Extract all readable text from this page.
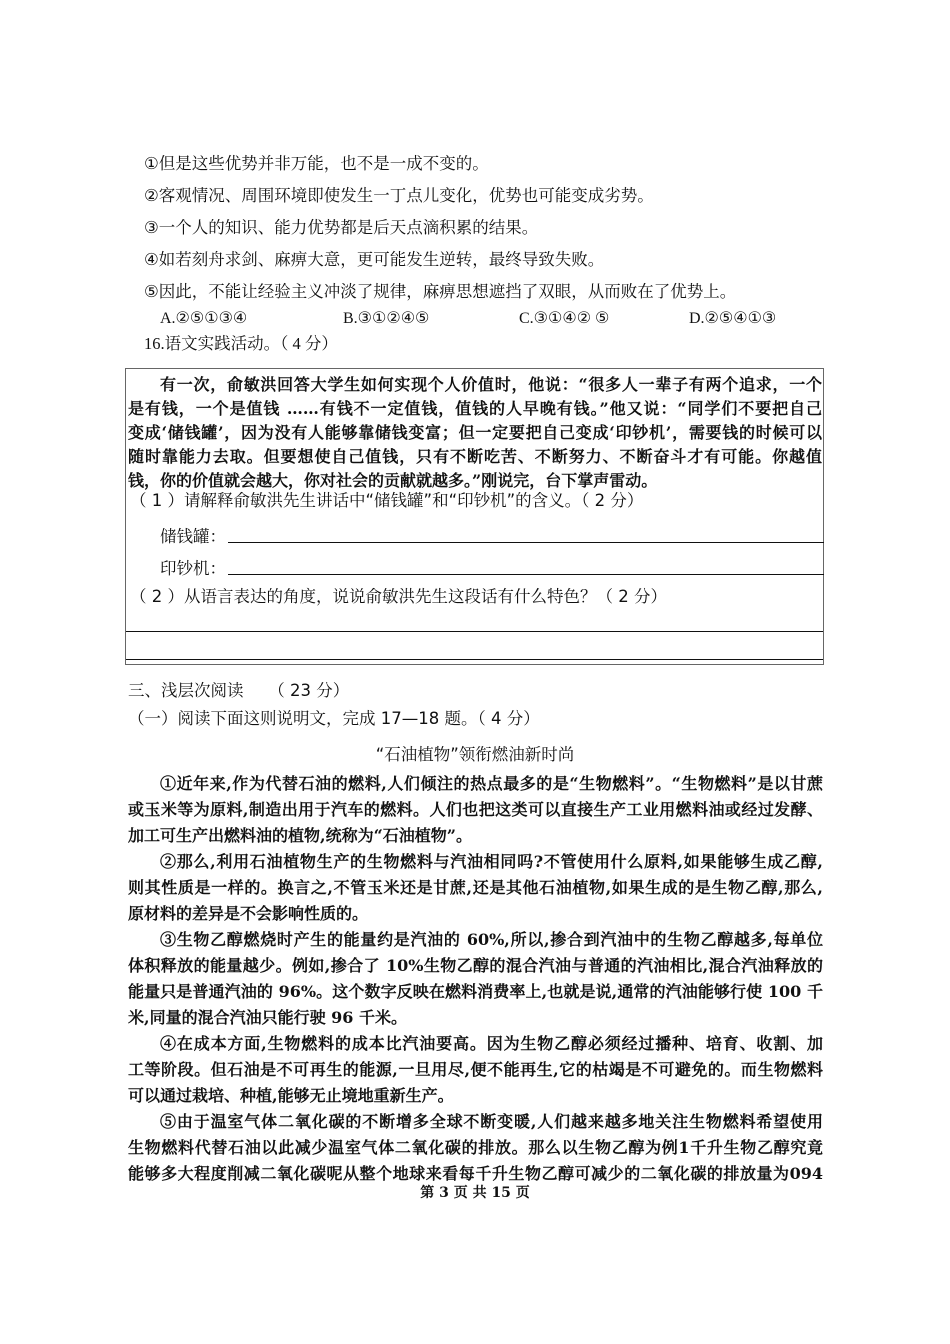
①但是这些优势并非万能，也不是一成不变的。
②客观情况、周围环境即使发生一丁点儿变化，优势也可能变成劣势。
③一个人的知识、能力优势都是后天点滴积累的结果。
④如若刻舟求剑、麻痹大意，更可能发生逆转，最终导致失败。
⑤因此，不能让经验主义冲淡了规律，麻痹思想遮挡了双眼，从而败在了优势上。
A.②⑤①③④	B.③①②④⑤	C.③①④② ⑤	D.②⑤④①③
16.语文实践活动。（ 4 分）
有一次，俞敏洪回答大学生如何实现个人价值时，他说：“很多人一辈子有两个追求，一个
是有钱，一个是值钱 ……有钱不一定值钱，值钱的人早晚有钱。”他又说：“同学们不要把自己
变成‘储钱罐’，因为没有人能够靠储钱变富；但一定要把自己变成‘印钞机’，需要钱的时候可以
随时靠能力去取。但要想使自己值钱，只有不断吃苦、不断努力、不断奋斗才有可能。你越值
钱，你的价值就会越大，你对社会的贡献就越多。”刚说完，台下掌声雷动。
（ 1 ）请解释俞敏洪先生讲话中“储钱罐”和“印钞机”的含义。（ 2 分）
储钱罐：
印钞机：
（ 2 ）从语言表达的角度，说说俞敏洪先生这段话有什么特色？（ 2 分）
三、浅层次阅读　　（ 23 分）
（一）阅读下面这则说明文，完成 17—18 题。（ 4 分）
“石油植物”领衔燃油新时尚
①近年来,作为代替石油的燃料,人们倾注的热点最多的是“生物燃料”。“生物燃料”是以甘蔗
或玉米等为原料,制造出用于汽车的燃料。人们也把这类可以直接生产工业用燃料油或经过发酵、
加工可生产出燃料油的植物,统称为“石油植物”。
②那么,利用石油植物生产的生物燃料与汽油相同吗?不管使用什么原料,如果能够生成乙醇,
则其性质是一样的。换言之,不管玉米还是甘蔗,还是其他石油植物,如果生成的是生物乙醇,那么,
原材料的差异是不会影响性质的。
③生物乙醇燃烧时产生的能量约是汽油的 60%,所以,掺合到汽油中的生物乙醇越多,每单位
体积释放的能量越少。例如,掺合了 10%生物乙醇的混合汽油与普通的汽油相比,混合汽油释放的
能量只是普通汽油的 96%。这个数字反映在燃料消费率上,也就是说,通常的汽油能够行使 100 千
米,同量的混合汽油只能行驶 96 千米。
④在成本方面,生物燃料的成本比汽油要高。因为生物乙醇必须经过播种、培育、收割、加
工等阶段。但石油是不可再生的能源,一旦用尽,便不能再生,它的枯竭是不可避免的。而生物燃料
可以通过栽培、种植,能够无止境地重新生产。
⑤由于温室气体二氧化碳的不断增多全球不断变暖,人们越来越多地关注生物燃料希望使用
生物燃料代替石油以此减少温室气体二氧化碳的排放。那么以生物乙醇为例1千升生物乙醇究竟
能够多大程度削减二氧化碳呢从整个地球来看每千升生物乙醇可减少的二氧化碳的排放量为094
第 3 页 共 15 页
